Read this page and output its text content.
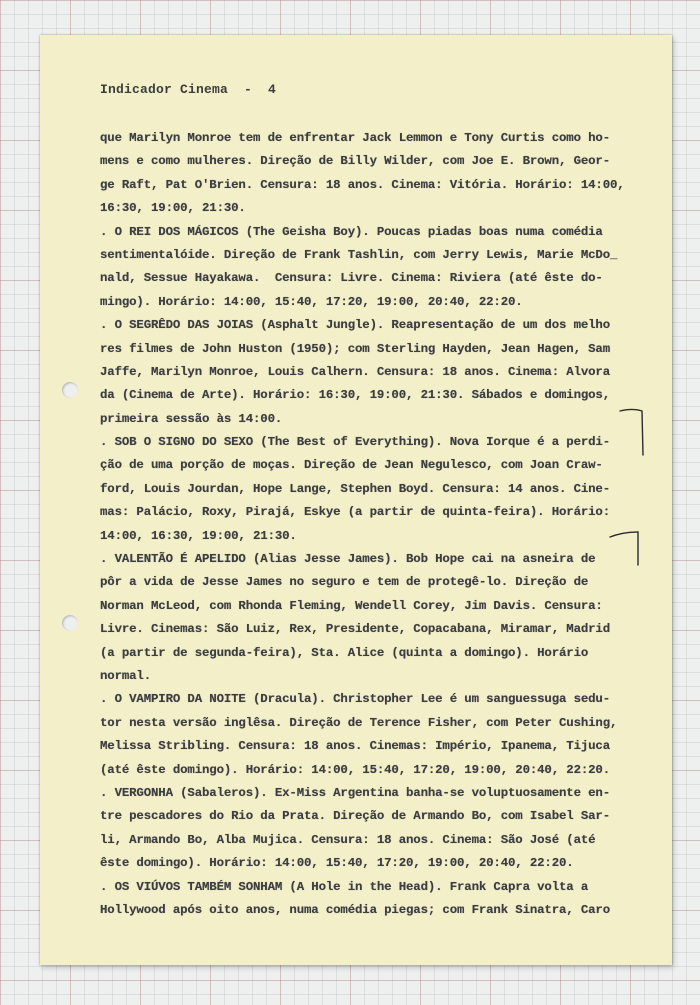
Indicador Cinema  -  4
que Marilyn Monroe tem de enfrentar Jack Lemmon e Tony Curtis como ho-
mens e como mulheres. Direção de Billy Wilder, com Joe E. Brown, Geor-
ge Raft, Pat O'Brien. Censura: 18 anos. Cinema: Vitória. Horário: 14:00,
16:30, 19:00, 21:30.
. O REI DOS MÁGICOS (The Geisha Boy). Poucas piadas boas numa comédia
sentimentalóide. Direção de Frank Tashlin, com Jerry Lewis, Marie McDo_
nald, Sessue Hayakawa.  Censura: Livre. Cinema: Riviera (até êste do-
mingo). Horário: 14:00, 15:40, 17:20, 19:00, 20:40, 22:20.
. O SEGRÊDO DAS JOIAS (Asphalt Jungle). Reapresentação de um dos melho
res filmes de John Huston (1950); com Sterling Hayden, Jean Hagen, Sam
Jaffe, Marilyn Monroe, Louis Calhern. Censura: 18 anos. Cinema: Alvora
da (Cinema de Arte). Horário: 16:30, 19:00, 21:30. Sábados e domingos,
primeira sessão às 14:00.
. SOB O SIGNO DO SEXO (The Best of Everything). Nova Iorque é a perdi-
ção de uma porção de moças. Direção de Jean Negulesco, com Joan Craw-
ford, Louis Jourdan, Hope Lange, Stephen Boyd. Censura: 14 anos. Cine-
mas: Palácio, Roxy, Pirajá, Eskye (a partir de quinta-feira). Horário:
14:00, 16:30, 19:00, 21:30.
. VALENTÃO É APELIDO (Alias Jesse James). Bob Hope cai na asneira de
pôr a vida de Jesse James no seguro e tem de protegê-lo. Direção de
Norman McLeod, com Rhonda Fleming, Wendell Corey, Jim Davis. Censura:
Livre. Cinemas: São Luiz, Rex, Presidente, Copacabana, Miramar, Madrid
(a partir de segunda-feira), Sta. Alice (quinta a domingo). Horário
normal.
. O VAMPIRO DA NOITE (Dracula). Christopher Lee é um sanguessuga sedu-
tor nesta versão inglêsa. Direção de Terence Fisher, com Peter Cushing,
Melissa Stribling. Censura: 18 anos. Cinemas: Império, Ipanema, Tijuca
(até êste domingo). Horário: 14:00, 15:40, 17:20, 19:00, 20:40, 22:20.
. VERGONHA (Sabaleros). Ex-Miss Argentina banha-se voluptuosamente en-
tre pescadores do Rio da Prata. Direção de Armando Bo, com Isabel Sar-
li, Armando Bo, Alba Mujica. Censura: 18 anos. Cinema: São José (até
êste domingo). Horário: 14:00, 15:40, 17:20, 19:00, 20:40, 22:20.
. OS VIÚVOS TAMBÉM SONHAM (A Hole in the Head). Frank Capra volta a
Hollywood após oito anos, numa comédia piegas; com Frank Sinatra, Caro
